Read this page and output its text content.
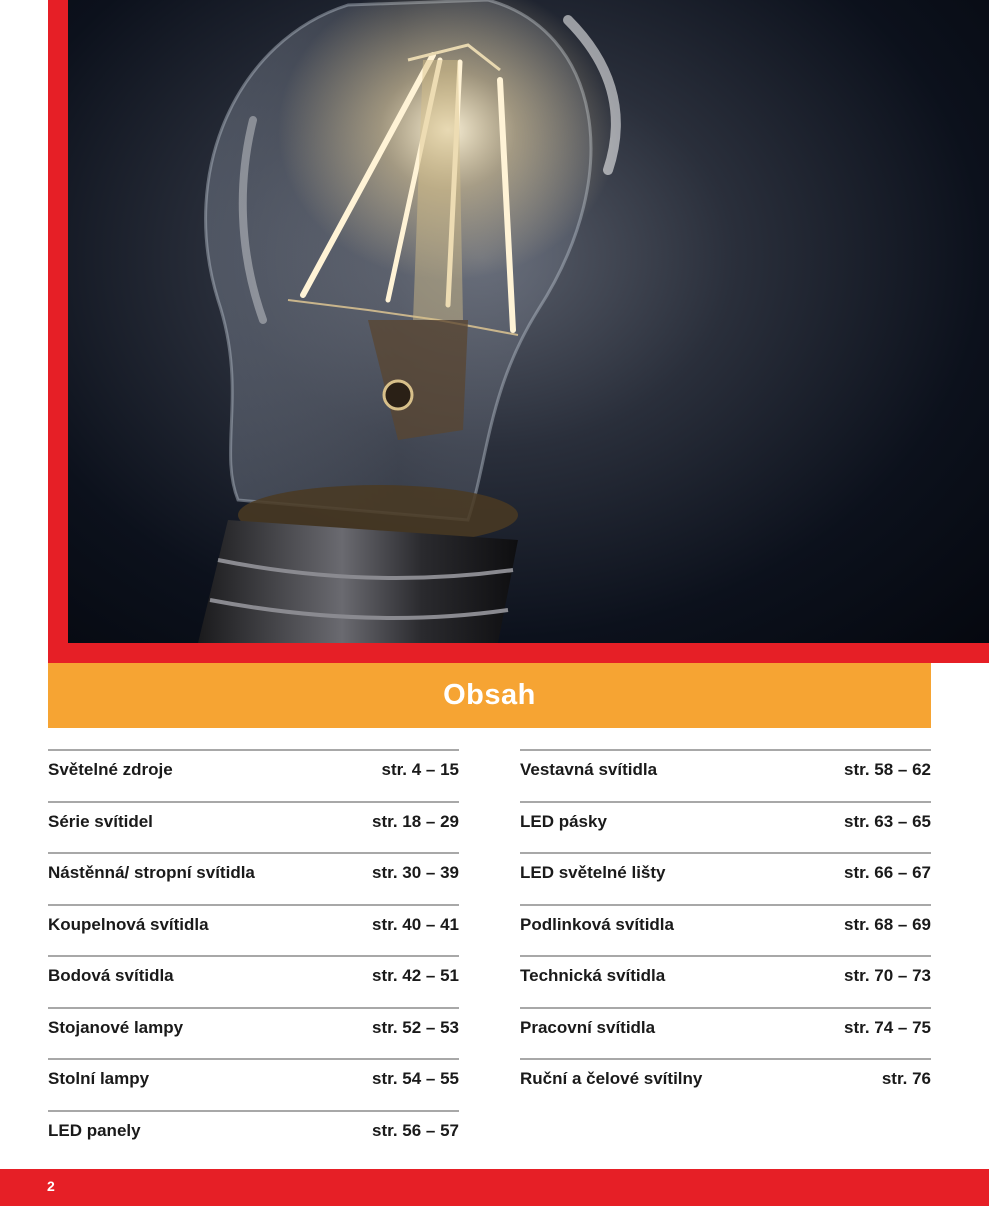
Obsah
Světelné zdroje	str. 4 – 15
Série svítidel	str. 18 – 29
Nástěnná/ stropní svítidla	str. 30 – 39
Koupelnová svítidla	str. 40 – 41
Bodová svítidla	str. 42 – 51
Stojanové lampy	str. 52 – 53
Stolní lampy	str. 54 – 55
LED panely	str. 56 – 57
Vestavná svítidla	str. 58 – 62
LED pásky	str. 63 – 65
LED světelné lišty	str. 66 – 67
Podlinková svítidla	str. 68 – 69
Technická svítidla	str. 70 – 73
Pracovní svítidla	str. 74 – 75
Ruční a čelové svítilny	str. 76
2
